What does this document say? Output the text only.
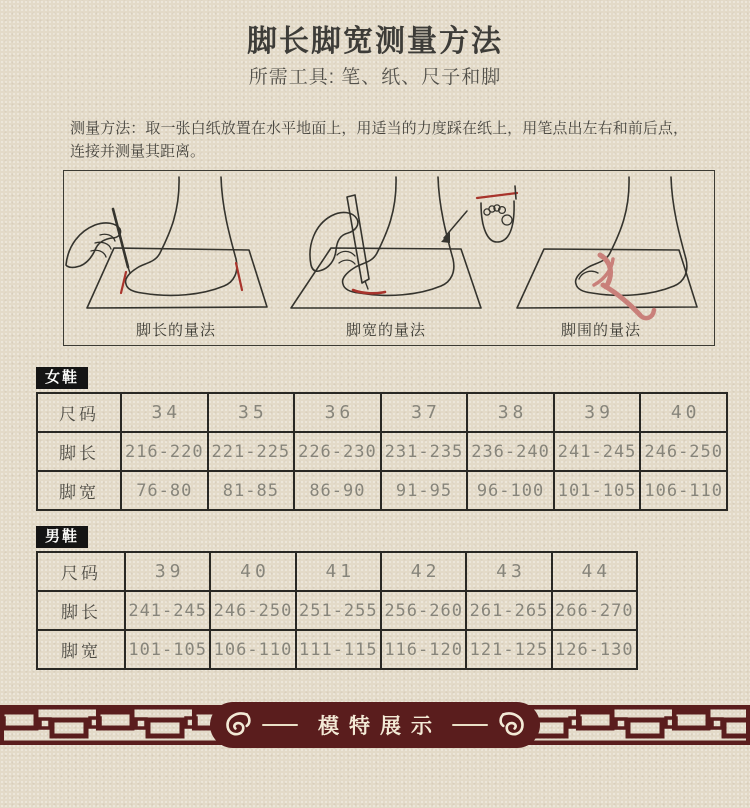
脚长脚宽测量方法
所需工具: 笔、纸、尺子和脚
测量方法：取一张白纸放置在水平地面上，用适当的力度踩在纸上，用笔点出左右和前后点，连接并测量其距离。
脚长的量法	脚宽的量法	脚围的量法
女鞋
尺码	34	35	36	37	38	39	40
脚长	216-220	221-225	226-230	231-235	236-240	241-245	246-250
脚宽	76-80	81-85	86-90	91-95	96-100	101-105	106-110
男鞋
尺码	39	40	41	42	43	44
脚长	241-245	246-250	251-255	256-260	261-265	266-270
脚宽	101-105	106-110	111-115	116-120	121-125	126-130
模特展示
